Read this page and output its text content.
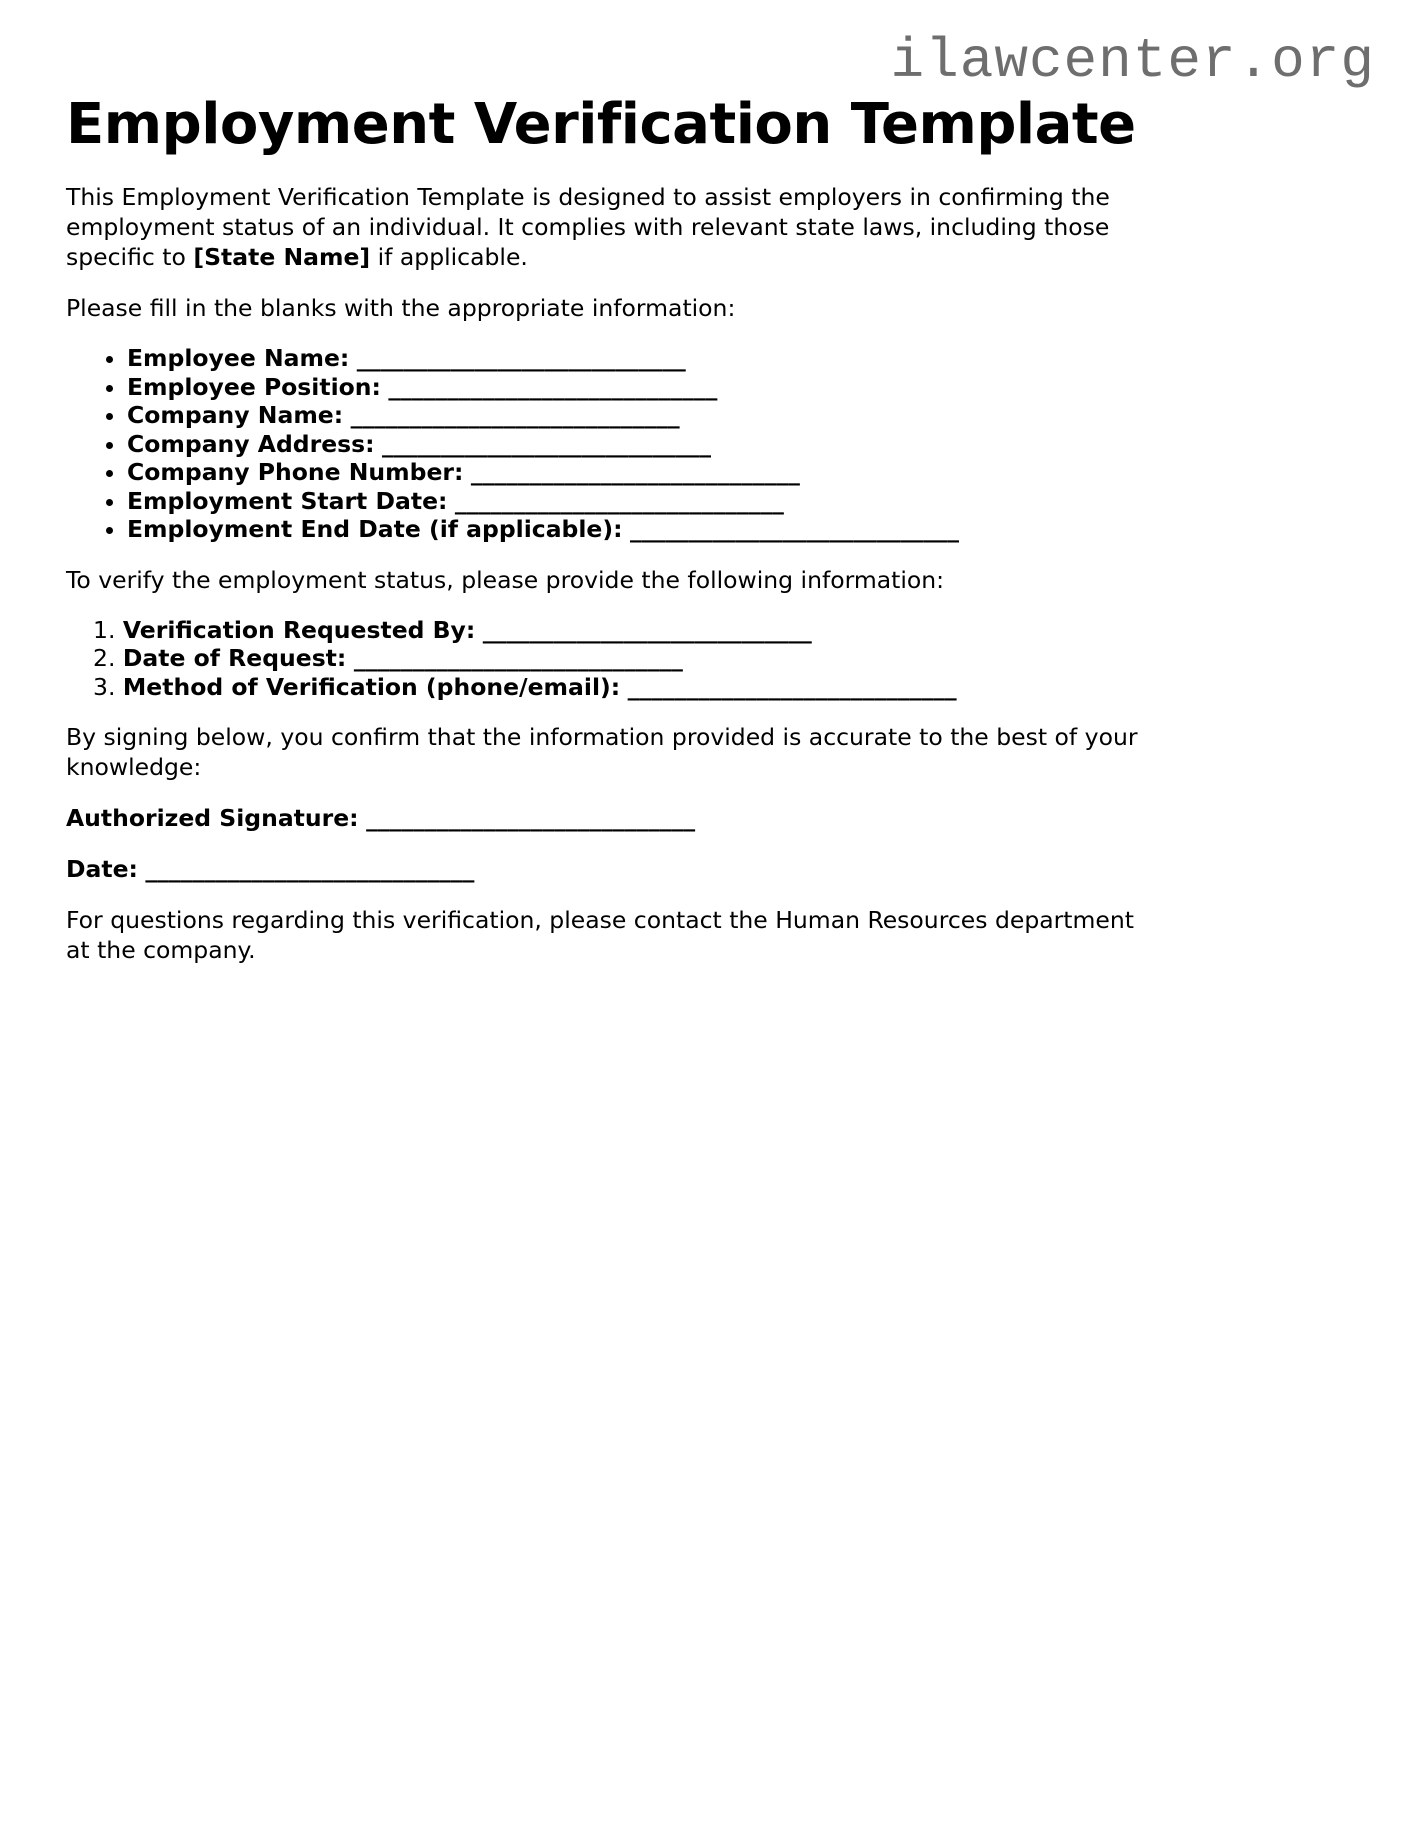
ilawcenter.org
Employment Verification Template

This Employment Verification Template is designed to assist employers in confirming the employment status of an individual. It complies with relevant state laws, including those specific to [State Name] if applicable.

Please fill in the blanks with the appropriate information:

• Employee Name: ____________________________
• Employee Position: ____________________________
• Company Name: ____________________________
• Company Address: ____________________________
• Company Phone Number: ____________________________
• Employment Start Date: ____________________________
• Employment End Date (if applicable): ____________________________

To verify the employment status, please provide the following information:

1. Verification Requested By: ____________________________
2. Date of Request: ____________________________
3. Method of Verification (phone/email): ____________________________

By signing below, you confirm that the information provided is accurate to the best of your knowledge:

Authorized Signature: ____________________________

Date: ____________________________

For questions regarding this verification, please contact the Human Resources department at the company.
